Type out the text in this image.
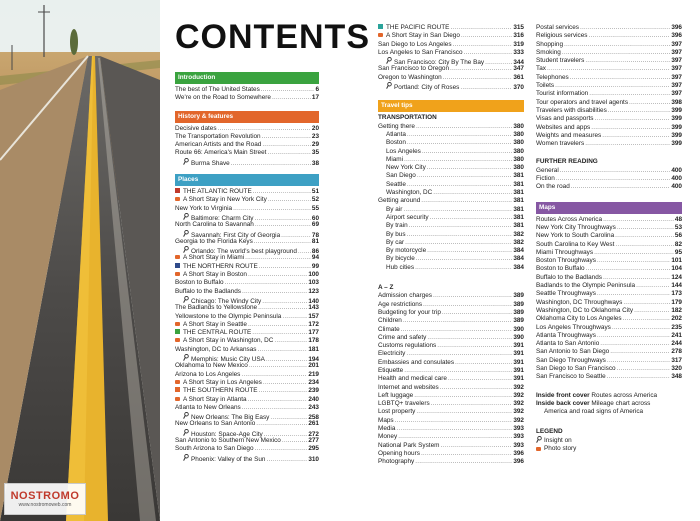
NOSTROMO
www.nostromoweb.com
CONTENTS
Introduction
The best of The United States .....	6
We're on the Road to Somewhere .....	17
History & features
Decisive dates .....	20
The Transportation Revolution .....	23
American Artists and the Road .....	29
Route 66: America's Main Street .....	35
Burma Shave .....	38
Places
THE ATLANTIC ROUTE .....	51
A Short Stay in New York City .....	52
New York to Virginia .....	55
Baltimore: Charm City .....	60
North Carolina to Savannah .....	69
Savannah: First City of Georgia .....	78
Georgia to the Florida Keys .....	81
Orlando: The world's best playground ..... 86
A Short Stay in Miami .....	94
THE NORTHERN ROUTE .....	99
A Short Stay in Boston .....	100
Boston to Buffalo .....	103
Buffalo to the Badlands .....	123
Chicago: The Windy City .....	140
The Badlands to Yellowstone .....	143
Yellowstone to the Olympic Peninsula .....	157
A Short Stay in Seattle .....	172
THE CENTRAL ROUTE .....	177
A Short Stay in Washington, DC .....	178
Washington, DC to Arkansas .....	181
Memphis: Music City USA .....	194
Oklahoma to New Mexico .....	201
Arizona to Los Angeles .....	219
A Short Stay in Los Angeles .....	234
THE SOUTHERN ROUTE .....	239
A Short Stay in Atlanta .....	240
Atlanta to New Orleans .....	243
New Orleans: The Big Easy .....	258
New Orleans to San Antonio .....	261
Houston: Space-Age City .....	272
San Antonio to Southern New Mexico .....	277
South Arizona to San Diego .....	295
Phoenix: Valley of the Sun .....	310
THE PACIFIC ROUTE .....	315
A Short Stay in San Diego .....	316
San Diego to Los Angeles .....	319
Los Angeles to San Francisco .....	333
San Francisco: City By The Bay .....	344
San Francisco to Oregon .....	347
Oregon to Washington .....	361
Portland: City of Roses .....	370
Travel tips
TRANSPORTATION
Getting there .....	380
Atlanta .....	380
Boston .....	380
Los Angeles .....	380
Miami .....	380
New York City .....	380
San Diego .....	381
Seattle .....	381
Washington, DC .....	381
Getting around .....	381
By air .....	381
Airport security .....	381
By train .....	381
By bus .....	382
By car .....	382
By motorcycle .....	384
By bicycle .....	384
Hub cities .....	384
A – Z
Admission charges .....	389
Age restrictions .....	389
Budgeting for your trip .....	389
Children .....	389
Climate .....	390
Crime and safety .....	390
Customs regulations .....	391
Electricity .....	391
Embassies and consulates .....	391
Etiquette .....	391
Health and medical care .....	391
Internet and websites .....	392
Left luggage .....	392
LGBTQ+ travelers .....	392
Lost property .....	392
Maps .....	392
Media .....	393
Money .....	393
National Park System .....	393
Opening hours .....	396
Photography .....	396
Postal services .....	396
Religious services .....	396
Shopping .....	397
Smoking .....	397
Student travelers .....	397
Tax .....	397
Telephones .....	397
Toilets .....	397
Tourist information .....	397
Tour operators and travel agents .....	398
Travelers with disabilities .....	399
Visas and passports .....	399
Websites and apps .....	399
Weights and measures .....	399
Women travelers .....	399
FURTHER READING
General .....	400
Fiction .....	400
On the road .....	400
Maps
Routes Across America .....	48
New York City Throughways .....	53
New York to South Carolina .....	56
South Carolina to Key West .....	82
Miami Throughways .....	95
Boston Throughways .....	101
Boston to Buffalo .....	104
Buffalo to the Badlands .....	124
Badlands to the Olympic Peninsula .....	144
Seattle Throughways .....	173
Washington, DC Throughways .....	179
Washington, DC to Oklahoma City .....	182
Oklahoma City to Los Angeles .....	202
Los Angeles Throughways .....	235
Atlanta Throughways .....	241
Atlanta to San Antonio .....	244
San Antonio to San Diego .....	278
San Diego Throughways .....	317
San Diego to San Francisco .....	320
San Francisco to Seattle .....	348
Inside front cover Routes across America
Inside back cover Mileage chart across
America and road signs of America
LEGEND
Insight on
Photo story
